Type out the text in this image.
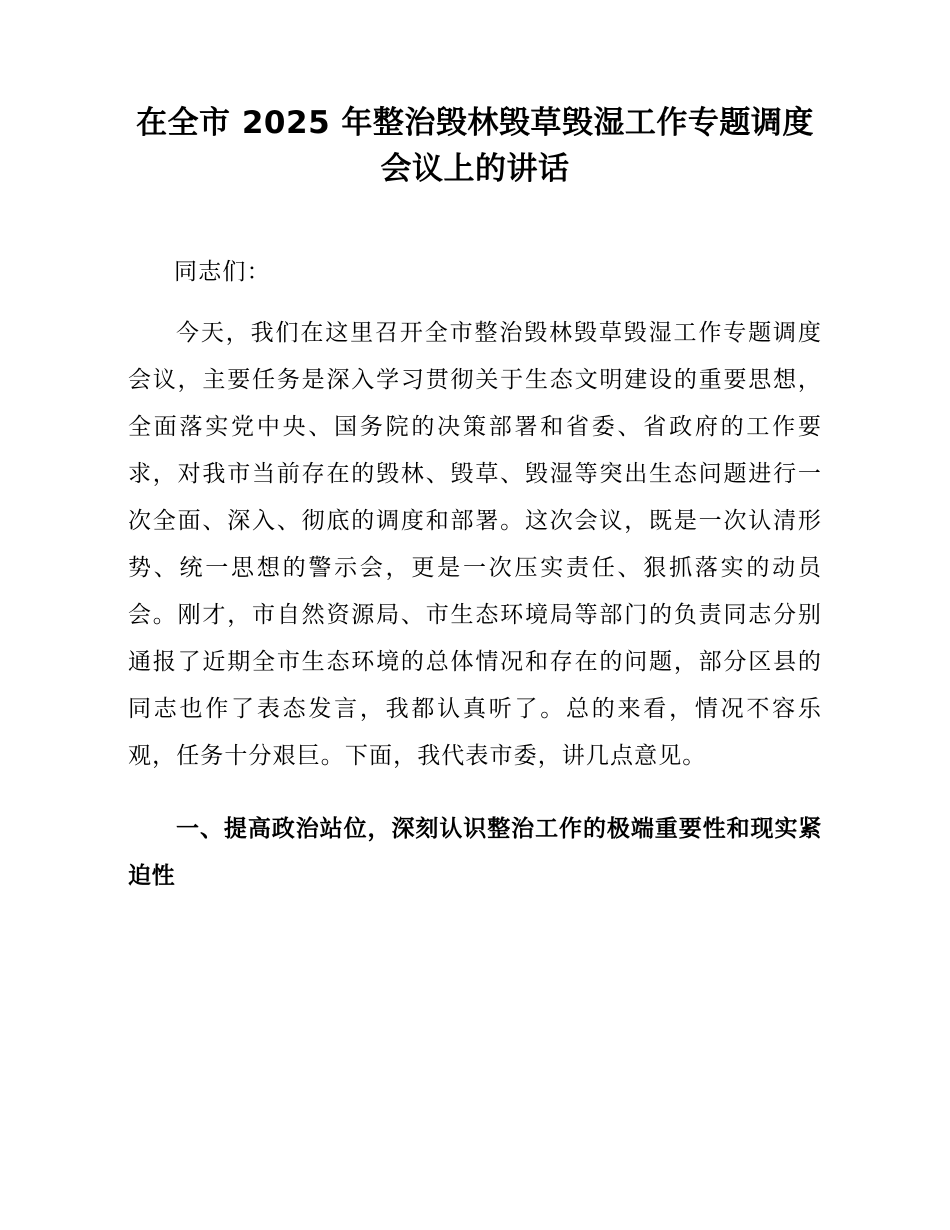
在全市 2025 年整治毁林毁草毁湿工作专题调度会议上的讲话

同志们：

今天，我们在这里召开全市整治毁林毁草毁湿工作专题调度会议，主要任务是深入学习贯彻关于生态文明建设的重要思想，全面落实党中央、国务院的决策部署和省委、省政府的工作要求，对我市当前存在的毁林、毁草、毁湿等突出生态问题进行一次全面、深入、彻底的调度和部署。这次会议，既是一次认清形势、统一思想的警示会，更是一次压实责任、狠抓落实的动员会。刚才，市自然资源局、市生态环境局等部门的负责同志分别通报了近期全市生态环境的总体情况和存在的问题，部分区县的同志也作了表态发言，我都认真听了。总的来看，情况不容乐观，任务十分艰巨。下面，我代表市委，讲几点意见。

一、提高政治站位，深刻认识整治工作的极端重要性和现实紧迫性
